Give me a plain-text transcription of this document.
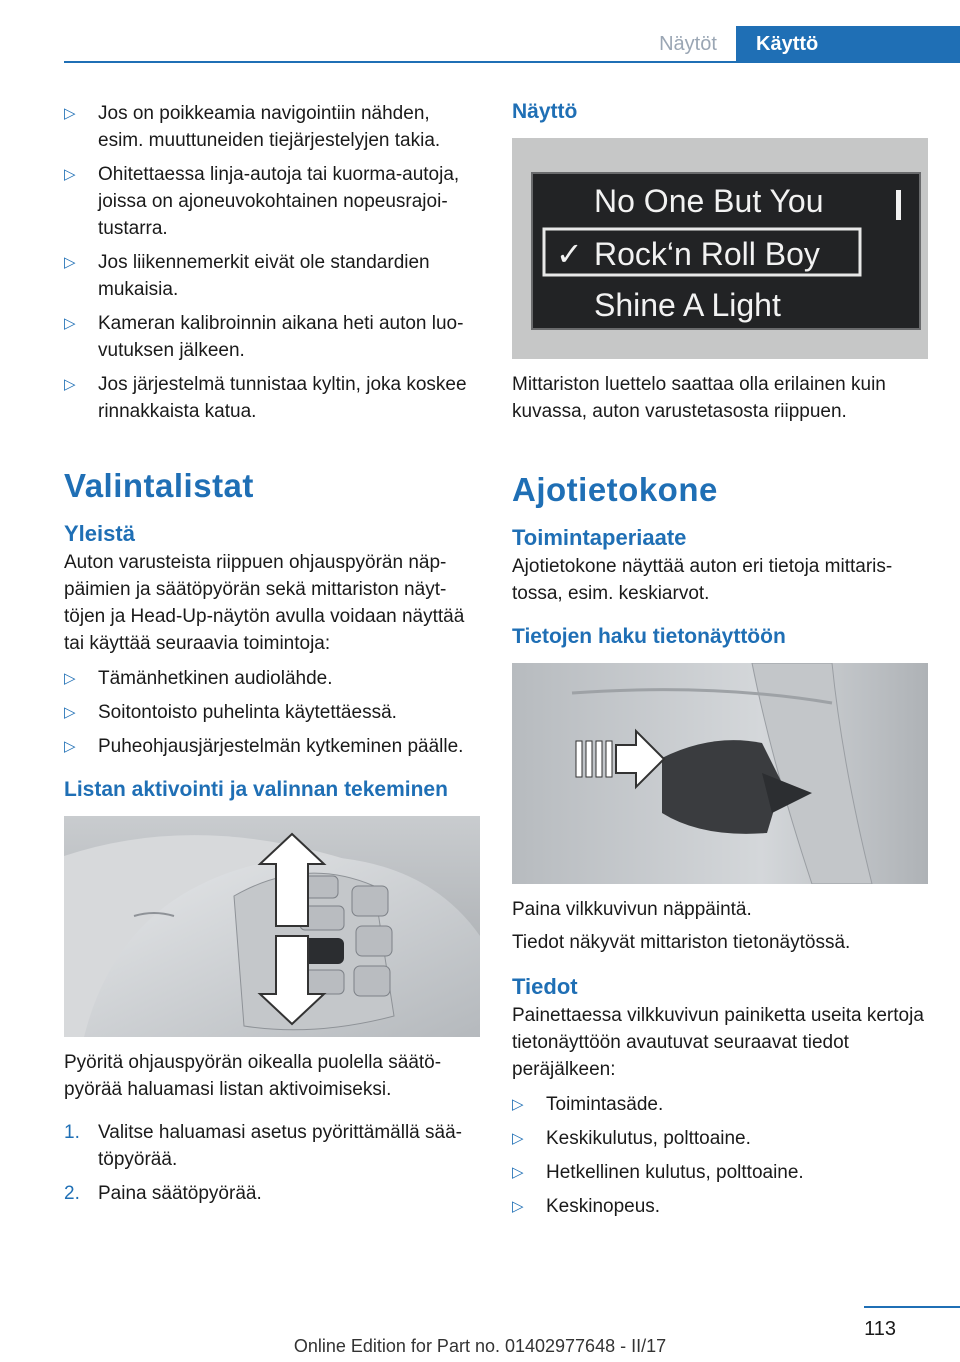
Näytöt	Käyttö
▷ Jos on poikkeamia navigointiin nähden, esim. muuttuneiden tiejärjestelyjen takia.
▷ Ohitettaessa linja-autoja tai kuorma-autoja, joissa on ajoneuvokohtainen nopeusrajoitustarra.
▷ Jos liikennemerkit eivät ole standardien mukaisia.
▷ Kameran kalibroinnin aikana heti auton luovutuksen jälkeen.
▷ Jos järjestelmä tunnistaa kyltin, joka koskee rinnakkaista katua.
Valintalistat
Yleistä

Auton varusteista riippuen ohjauspyörän näppäimien ja säätöpyörän sekä mittariston näyttöjen ja Head-Up-näytön avulla voidaan näyttää tai käyttää seuraavia toimintoja:

▷ Tämänhetkinen audiolähde.
▷ Soitontoisto puhelinta käytettäessä.
▷ Puheohjausjärjestelmän kytkeminen päälle.
Listan aktivointi ja valinnan tekeminen

Pyöritä ohjauspyörän oikealla puolella säätöpyörää haluamasi listan aktivoimiseksi.

1. Valitse haluamasi asetus pyörittämällä säätöpyörää.
2. Paina säätöpyörää.
Näyttö
No One But You
✓ Rock‘n Roll Boy
Shine A Light

Mittariston luettelo saattaa olla erilainen kuin kuvassa, auton varustetasosta riippuen.

Ajotietokone
Toimintaperiaate

Ajotietokone näyttää auton eri tietoja mittaristossa, esim. keskiarvot.

Tietojen haku tietonäyttöön

Paina vilkkuvivun näppäintä.

Tiedot näkyvät mittariston tietonäytössä.

Tiedot

Painettaessa vilkkuvivun painiketta useita kertoja tietonäyttöön avautuvat seuraavat tiedot peräjälkeen:

▷ Toimintasäde.
▷ Keskikulutus, polttoaine.
▷ Hetkellinen kulutus, polttoaine.
▷ Keskinopeus.
113
Online Edition for Part no. 01402977648 - II/17
